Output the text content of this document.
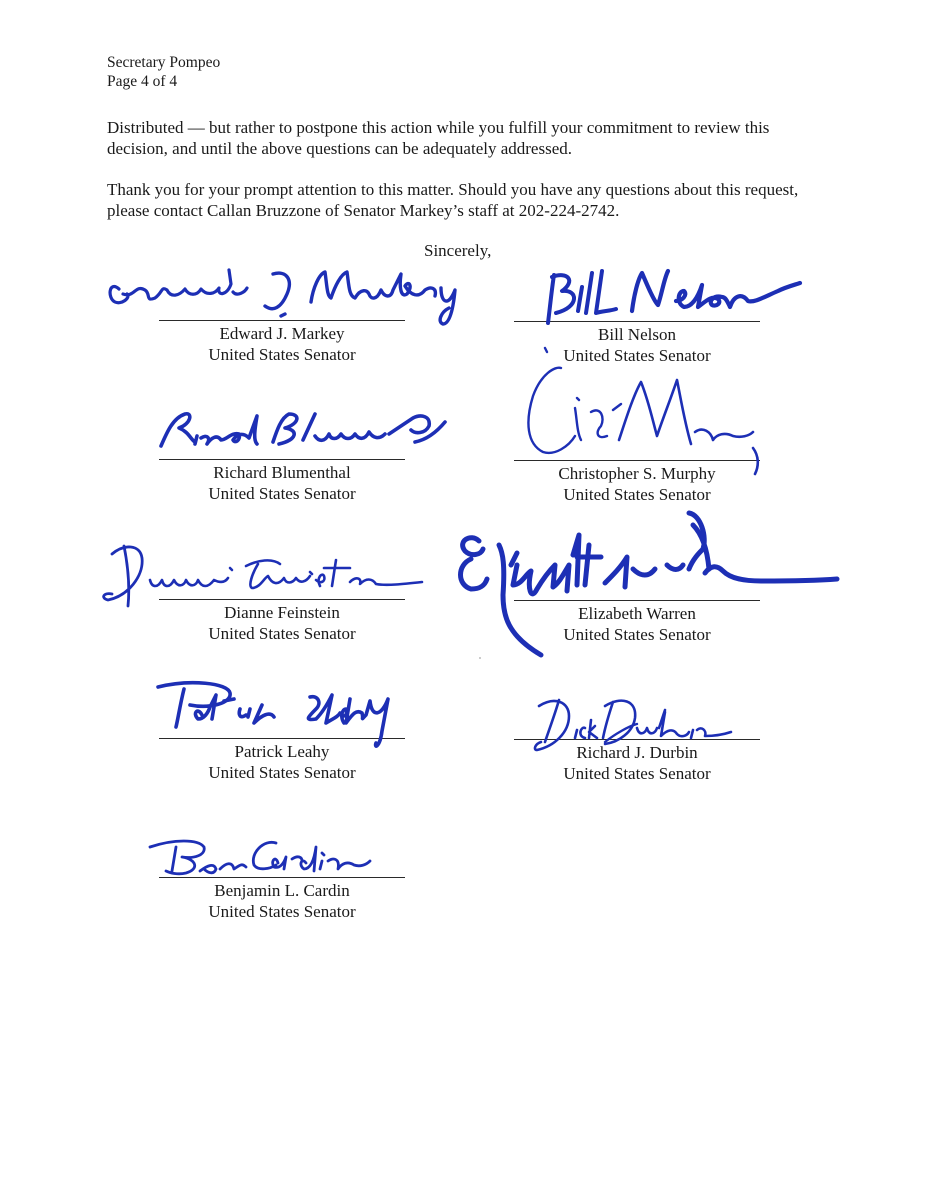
Secretary Pompeo
Page 4 of 4
Distributed — but rather to postpone this action while you fulfill your commitment to review this decision, and until the above questions can be adequately addressed.
Thank you for your prompt attention to this matter. Should you have any questions about this request, please contact Callan Bruzzone of Senator Markey’s staff at 202-224-2742.
Sincerely,
Edward J. Markey
United States Senator
Bill Nelson
United States Senator
Richard Blumenthal
United States Senator
Christopher S. Murphy
United States Senator
Dianne Feinstein
United States Senator
Elizabeth Warren
United States Senator
Patrick Leahy
United States Senator
Richard J. Durbin
United States Senator
Benjamin L. Cardin
United States Senator
